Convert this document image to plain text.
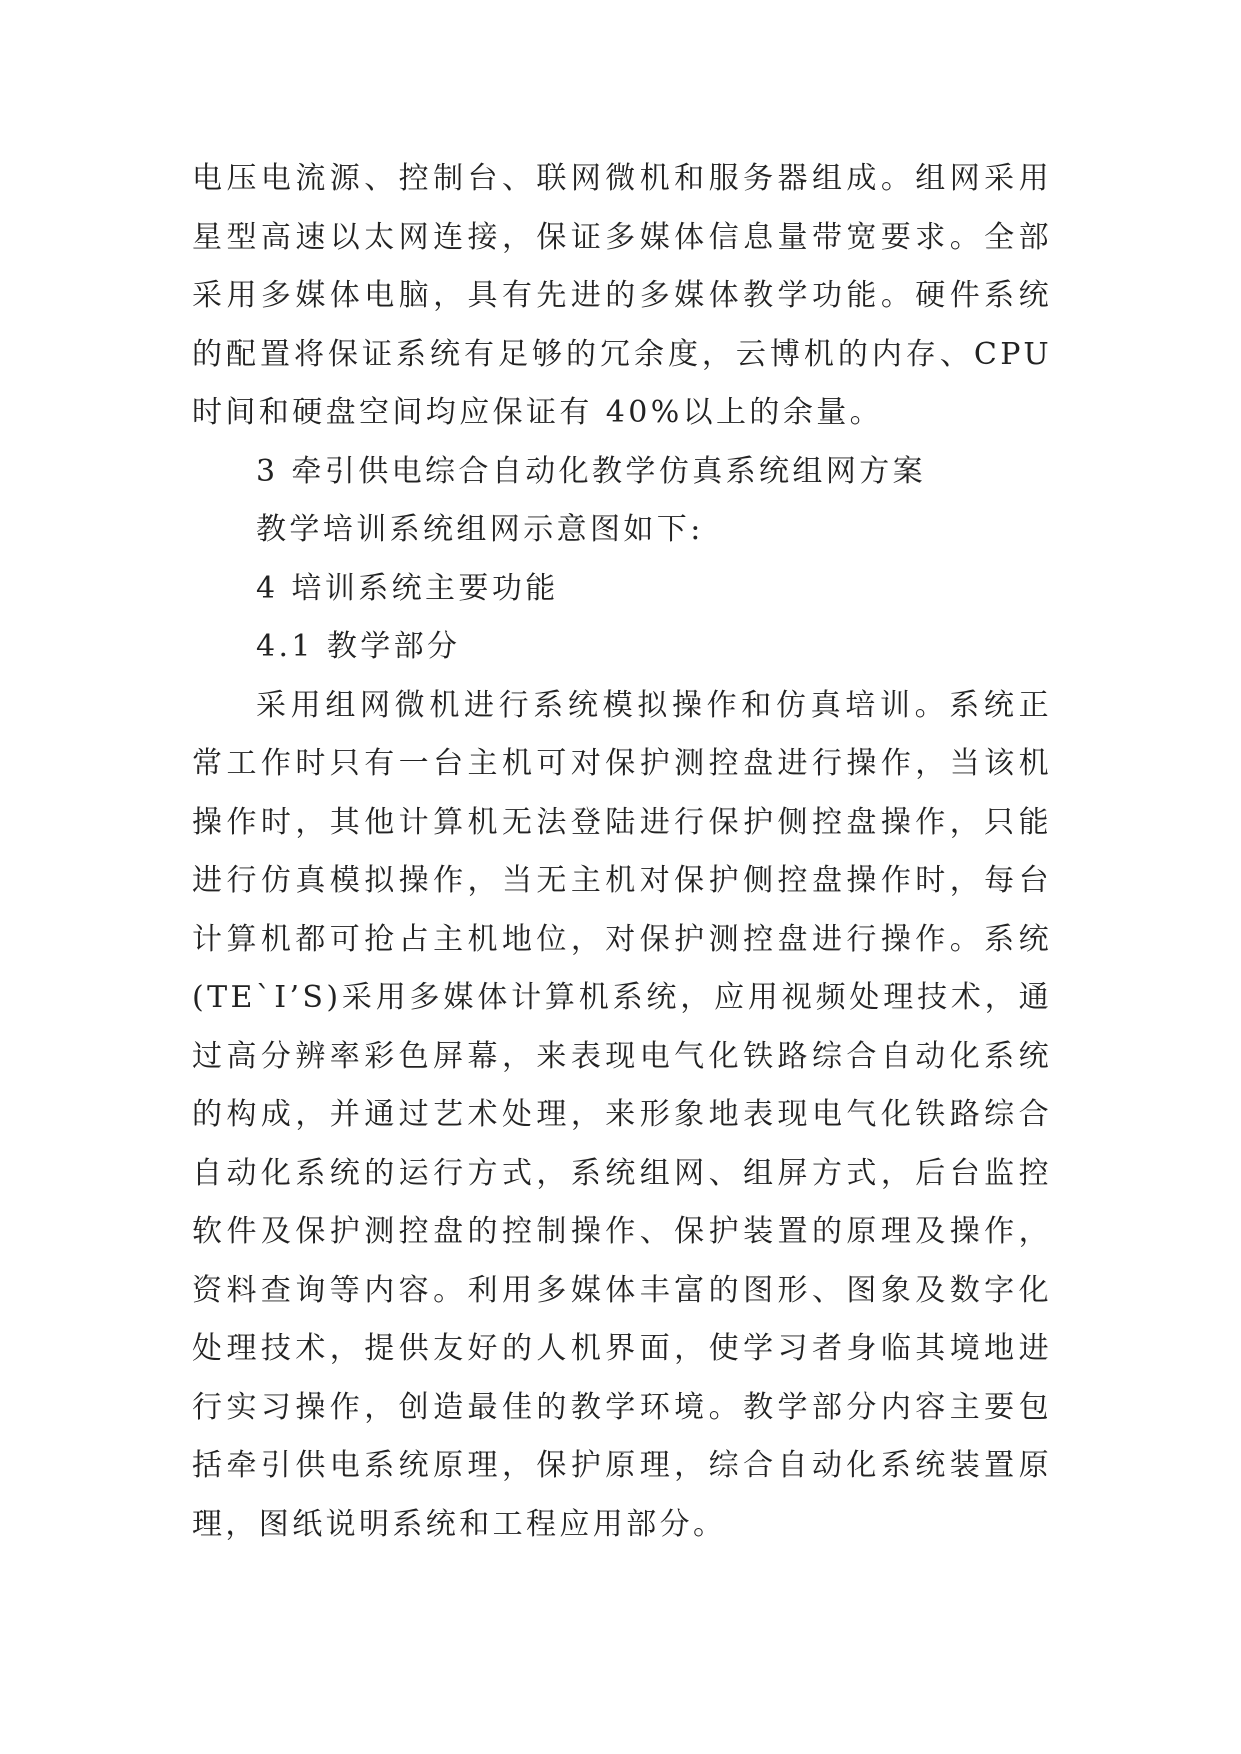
电压电流源、控制台、联网微机和服务器组成。组网采用星型高速以太网连接，保证多媒体信息量带宽要求。全部采用多媒体电脑，具有先进的多媒体教学功能。硬件系统的配置将保证系统有足够的冗余度，云博机的内存、CPU 时间和硬盘空间均应保证有 40%以上的余量。

3 牵引供电综合自动化教学仿真系统组网方案

教学培训系统组网示意图如下:

4 培训系统主要功能

4.1 教学部分

采用组网微机进行系统模拟操作和仿真培训。系统正常工作时只有一台主机可对保护测控盘进行操作，当该机操作时，其他计算机无法登陆进行保护侧控盘操作，只能进行仿真模拟操作，当无主机对保护侧控盘操作时，每台计算机都可抢占主机地位，对保护测控盘进行操作。系统(TE`I’S)采用多媒体计算机系统，应用视频处理技术，通过高分辨率彩色屏幕，来表现电气化铁路综合自动化系统的构成，并通过艺术处理，来形象地表现电气化铁路综合自动化系统的运行方式，系统组网、组屏方式，后台监控软件及保护测控盘的控制操作、保护装置的原理及操作，资料查询等内容。利用多媒体丰富的图形、图象及数字化处理技术，提供友好的人机界面，使学习者身临其境地进行实习操作，创造最佳的教学环境。教学部分内容主要包括牵引供电系统原理，保护原理，综合自动化系统装置原理，图纸说明系统和工程应用部分。
